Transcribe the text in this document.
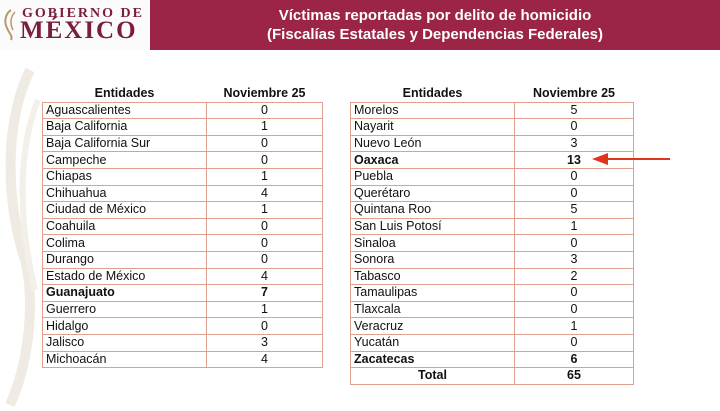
GOBIERNO DE
MÉXICO
Víctimas reportadas por delito de homicidio
(Fiscalías Estatales y Dependencias Federales)
Entidades	Noviembre 25
Aguascalientes	0
Baja California	1
Baja California Sur	0
Campeche	0
Chiapas	1
Chihuahua	4
Ciudad de México	1
Coahuila	0
Colima	0
Durango	0
Estado de México	4
Guanajuato	7
Guerrero	1
Hidalgo	0
Jalisco	3
Michoacán	4
Entidades	Noviembre 25
Morelos	5
Nayarit	0
Nuevo León	3
Oaxaca	13
Puebla	0
Querétaro	0
Quintana Roo	5
San Luis Potosí	1
Sinaloa	0
Sonora	3
Tabasco	2
Tamaulipas	0
Tlaxcala	0
Veracruz	1
Yucatán	0
Zacatecas	6
Total	65
